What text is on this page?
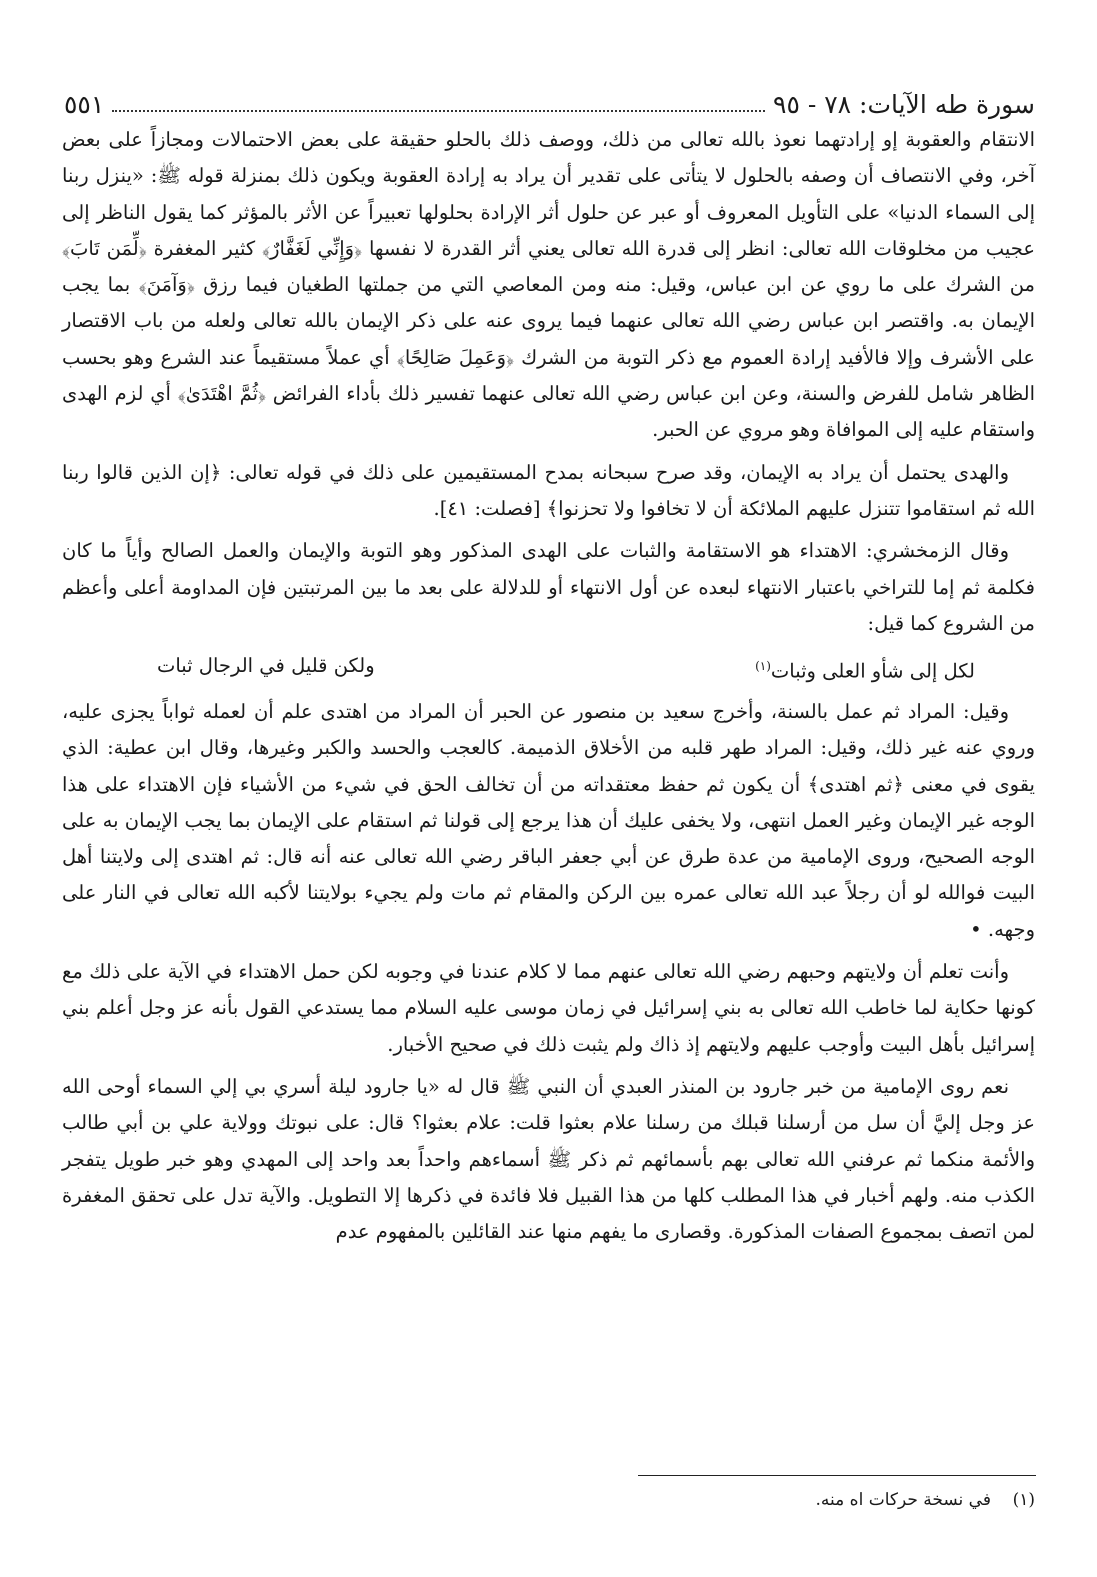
سورة طه الآيات: ٧٨ - ٩٥
٥٥١

الانتقام والعقوبة إو إرادتهما نعوذ بالله تعالى من ذلك، ووصف ذلك بالحلو حقيقة على بعض الاحتمالات ومجازاً على بعض آخر، وفي الانتصاف أن وصفه بالحلول لا يتأتى على تقدير أن يراد به إرادة العقوبة ويكون ذلك بمنزلة قوله ﷺ: «ينزل ربنا إلى السماء الدنيا» على التأويل المعروف أو عبر عن حلول أثر الإرادة بحلولها تعبيراً عن الأثر بالمؤثر كما يقول الناظر إلى عجيب من مخلوقات الله تعالى: انظر إلى قدرة الله تعالى يعني أثر القدرة لا نفسها ﴿وَإِنِّي لَغَفَّارٌ﴾ كثير المغفرة ﴿لِّمَن تَابَ﴾ من الشرك على ما روي عن ابن عباس، وقيل: منه ومن المعاصي التي من جملتها الطغيان فيما رزق ﴿وَآمَنَ﴾ بما يجب الإيمان به. واقتصر ابن عباس رضي الله تعالى عنهما فيما يروى عنه على ذكر الإيمان بالله تعالى ولعله من باب الاقتصار على الأشرف وإلا فالأفيد إرادة العموم مع ذكر التوبة من الشرك ﴿وَعَمِلَ صَالِحًا﴾ أي عملاً مستقيماً عند الشرع وهو بحسب الظاهر شامل للفرض والسنة، وعن ابن عباس رضي الله تعالى عنهما تفسير ذلك بأداء الفرائض ﴿ثُمَّ اهْتَدَىٰ﴾ أي لزم الهدى واستقام عليه إلى الموافاة وهو مروي عن الحبر.

والهدى يحتمل أن يراد به الإيمان، وقد صرح سبحانه بمدح المستقيمين على ذلك في قوله تعالى: ﴿إن الذين قالوا ربنا الله ثم استقاموا تتنزل عليهم الملائكة أن لا تخافوا ولا تحزنوا﴾ [فصلت: ٤١].

وقال الزمخشري: الاهتداء هو الاستقامة والثبات على الهدى المذكور وهو التوبة والإيمان والعمل الصالح وأياً ما كان فكلمة ثم إما للتراخي باعتبار الانتهاء لبعده عن أول الانتهاء أو للدلالة على بعد ما بين المرتبتين فإن المداومة أعلى وأعظم من الشروع كما قيل:

لكل إلى شأو العلى وثبات$^{(١)}$
ولكن قليل في الرجال ثبات

وقيل: المراد ثم عمل بالسنة، وأخرج سعيد بن منصور عن الحبر أن المراد من اهتدى علم أن لعمله ثواباً يجزى عليه، وروي عنه غير ذلك، وقيل: المراد طهر قلبه من الأخلاق الذميمة. كالعجب والحسد والكبر وغيرها، وقال ابن عطية: الذي يقوى في معنى ﴿ثم اهتدى﴾ أن يكون ثم حفظ معتقداته من أن تخالف الحق في شيء من الأشياء فإن الاهتداء على هذا الوجه غير الإيمان وغير العمل انتهى، ولا يخفى عليك أن هذا يرجع إلى قولنا ثم استقام على الإيمان بما يجب الإيمان به على الوجه الصحيح، وروى الإمامية من عدة طرق عن أبي جعفر الباقر رضي الله تعالى عنه أنه قال: ثم اهتدى إلى ولايتنا أهل البيت فوالله لو أن رجلاً عبد الله تعالى عمره بين الركن والمقام ثم مات ولم يجيء بولايتنا لأكبه الله تعالى في النار على وجهه. •

وأنت تعلم أن ولايتهم وحبهم رضي الله تعالى عنهم مما لا كلام عندنا في وجوبه لكن حمل الاهتداء في الآية على ذلك مع كونها حكاية لما خاطب الله تعالى به بني إسرائيل في زمان موسى عليه السلام مما يستدعي القول بأنه عز وجل أعلم بني إسرائيل بأهل البيت وأوجب عليهم ولايتهم إذ ذاك ولم يثبت ذلك في صحيح الأخبار.

نعم روى الإمامية من خبر جارود بن المنذر العبدي أن النبي ﷺ قال له «يا جارود ليلة أسري بي إلي السماء أوحى الله عز وجل إليَّ أن سل من أرسلنا قبلك من رسلنا علام بعثوا قلت: علام بعثوا؟ قال: على نبوتك وولاية علي بن أبي طالب والأئمة منكما ثم عرفني الله تعالى بهم بأسمائهم ثم ذكر ﷺ أسماءهم واحداً بعد واحد إلى المهدي وهو خبر طويل يتفجر الكذب منه. ولهم أخبار في هذا المطلب كلها من هذا القبيل فلا فائدة في ذكرها إلا التطويل. والآية تدل على تحقق المغفرة لمن اتصف بمجموع الصفات المذكورة. وقصارى ما يفهم منها عند القائلين بالمفهوم عدم

(١)    في نسخة حركات اه منه.
